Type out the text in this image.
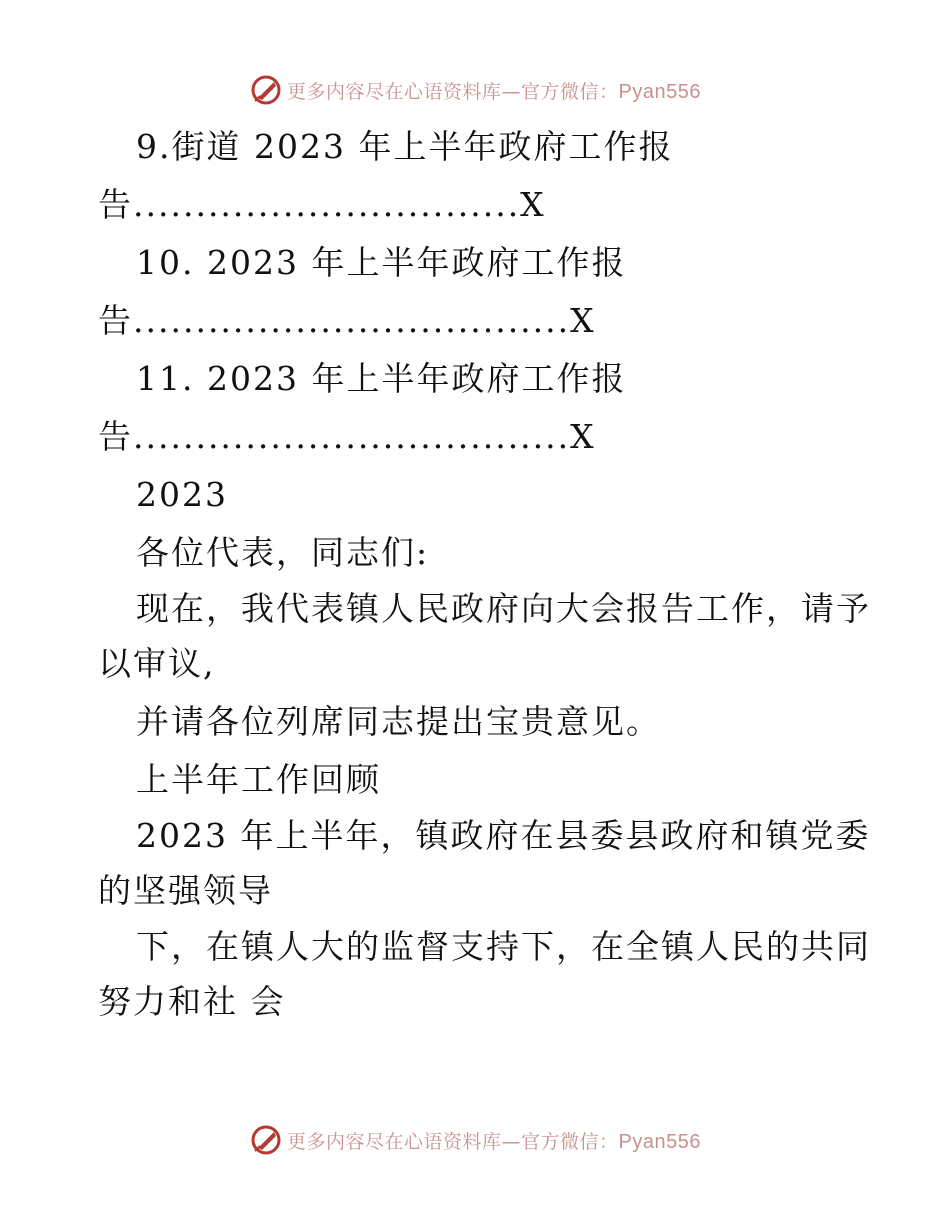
更多内容尽在心语资料库—官方微信：Pyan556
9.街道 2023 年上半年政府工作报
告...............................X
10. 2023 年上半年政府工作报
告...................................X
11. 2023 年上半年政府工作报
告...................................X
2023
各位代表，同志们:
现在，我代表镇人民政府向大会报告工作，请予
以审议,
并请各位列席同志提出宝贵意见。
上半年工作回顾
2023 年上半年，镇政府在县委县政府和镇党委
的坚强领导
下，在镇人大的监督支持下，在全镇人民的共同
努力和社 会
更多内容尽在心语资料库—官方微信：Pyan556
